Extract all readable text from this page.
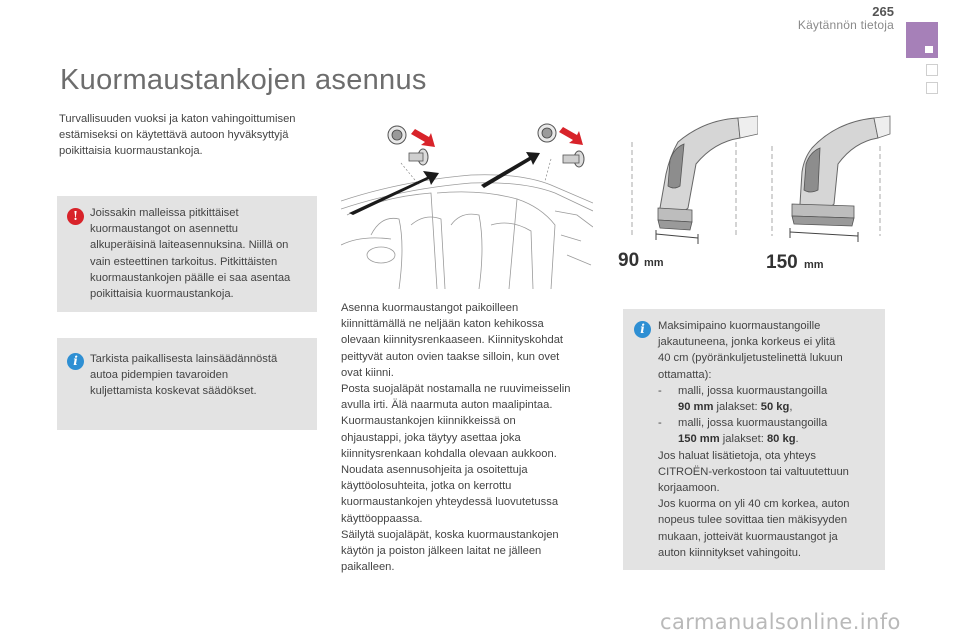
265
Käytännön tietoja
Kuormaustankojen asennus
Turvallisuuden vuoksi ja katon vahingoittumisen
estämiseksi on käytettävä autoon hyväksyttyjä
poikittaisia kuormaustankoja.
!	Joissakin malleissa pitkittäiset
kuormaustangot on asennettu
alkuperäisinä laiteasennuksina. Niillä on
vain esteettinen tarkoitus. Pitkittäisten
kuormaustankojen päälle ei saa asentaa
poikittaisia kuormaustankoja.
i	Tarkista paikallisesta lainsäädännöstä
autoa pidempien tavaroiden
kuljettamista koskevat säädökset.
90 mm	150 mm
Asenna kuormaustangot paikoilleen
kiinnittämällä ne neljään katon kehikossa
olevaan kiinnitysrenkaaseen. Kiinnityskohdat
peittyvät auton ovien taakse silloin, kun ovet
ovat kiinni.
Posta suojaläpät nostamalla ne ruuvimeisselin
avulla irti. Älä naarmuta auton maalipintaa.
Kuormaustankojen kiinnikkeissä on
ohjaustappi, joka täytyy asettaa joka
kiinnitysrenkaan kohdalla olevaan aukkoon.
Noudata asennusohjeita ja osoitettuja
käyttöolosuhteita, jotka on kerrottu
kuormaustankojen yhteydessä luovutetussa
käyttöoppaassa.
Säilytä suojaläpät, koska kuormaustankojen
käytön ja poiston jälkeen laitat ne jälleen
paikalleen.
i	Maksimipaino kuormaustangoille
jakautuneena, jonka korkeus ei ylitä
40 cm (pyöränkuljetustelinettä lukuun
ottamatta):
- malli, jossa kuormaustangoilla
90 mm jalakset: 50 kg,
- malli, jossa kuormaustangoilla
150 mm jalakset: 80 kg.
Jos haluat lisätietoja, ota yhteys
CITROËN-verkostoon tai valtuutettuun
korjaamoon.
Jos kuorma on yli 40 cm korkea, auton
nopeus tulee sovittaa tien mäkisyyden
mukaan, jotteivät kuormaustangot ja
auton kiinnitykset vahingoitu.
carmanualsonline.info
